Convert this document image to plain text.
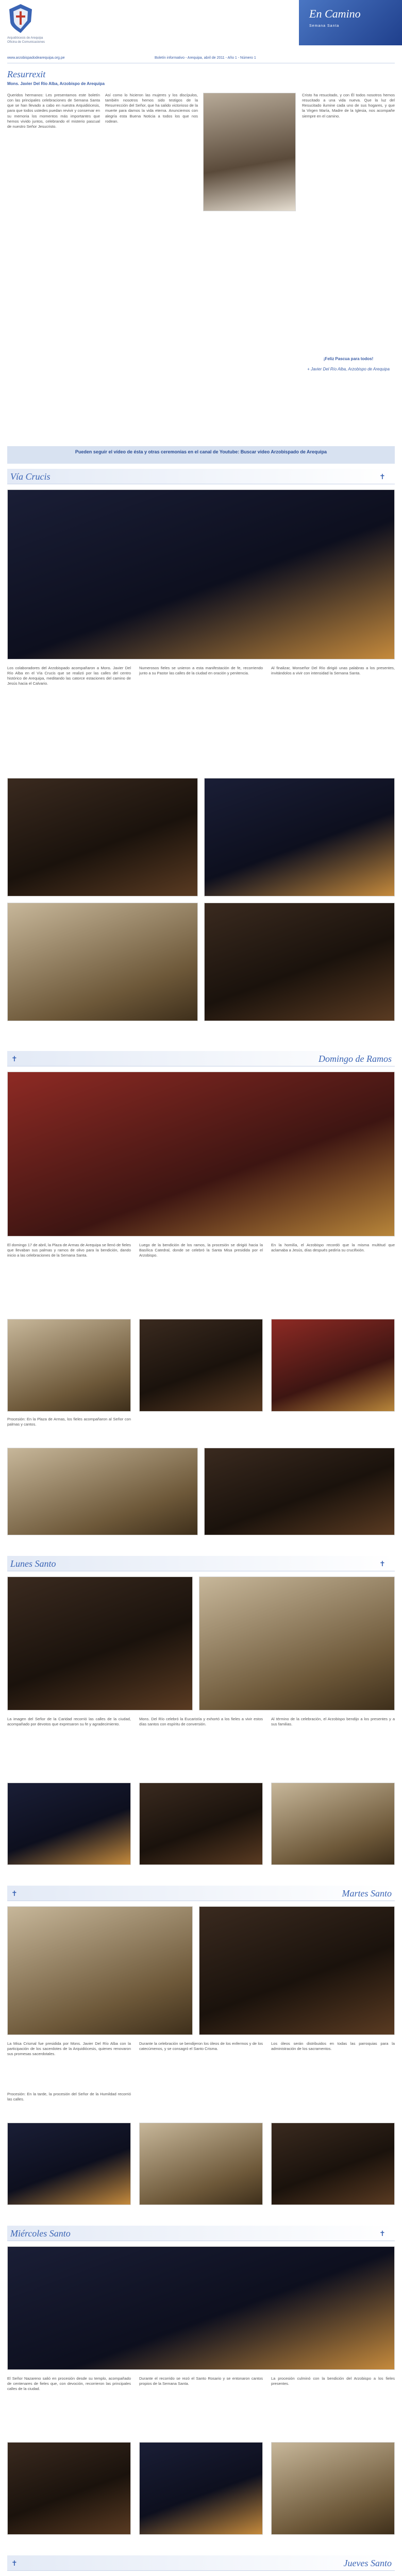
Arquidiócesis de Arequipa
Oficina de Comunicaciones
En Camino
Semana Santa
www.arzobispadodearequipa.org.pe	Boletín informativo - Arequipa, abril de 2011 - Año 1 - Número 1
Resurrexit
Mons. Javier Del Río Alba, Arzobispo de Arequipa
Queridos hermanos: Les presentamos este boletín con las principales celebraciones de Semana Santa que se han llevado a cabo en nuestra Arquidiócesis, para que todos ustedes puedan revivir y conservar en su memoria los momentos más importantes que hemos vivido juntos, celebrando el misterio pascual de nuestro Señor Jesucristo.
Así como lo hicieron las mujeres y los discípulos, también nosotros hemos sido testigos de la Resurrección del Señor, que ha salido victorioso de la muerte para darnos la vida eterna. Anunciemos con alegría esta Buena Noticia a todos los que nos rodean.
Cristo ha resucitado, y con Él todos nosotros hemos resucitado a una vida nueva. Que la luz del Resucitado ilumine cada uno de sus hogares, y que la Virgen María, Madre de la Iglesia, nos acompañe siempre en el camino.
¡Feliz Pascua para todos!
+ Javier Del Río Alba, Arzobispo de Arequipa
Pueden seguir el vídeo de ésta y otras ceremonias en el canal de Youtube: Buscar video Arzobispado de Arequipa
Vía Crucis	✝
Los colaboradores del Arzobispado acompañaron a Mons. Javier Del Río Alba en el Vía Crucis que se realizó por las calles del centro histórico de Arequipa, meditando las catorce estaciones del camino de Jesús hacia el Calvario.
Numerosos fieles se unieron a esta manifestación de fe, recorriendo junto a su Pastor las calles de la ciudad en oración y penitencia.
Al finalizar, Monseñor Del Río dirigió unas palabras a los presentes, invitándolos a vivir con intensidad la Semana Santa.
Domingo de Ramos
✝
El domingo 17 de abril, la Plaza de Armas de Arequipa se llenó de fieles que llevaban sus palmas y ramos de olivo para la bendición, dando inicio a las celebraciones de la Semana Santa.
Luego de la bendición de los ramos, la procesión se dirigió hacia la Basílica Catedral, donde se celebró la Santa Misa presidida por el Arzobispo.
En la homilía, el Arzobispo recordó que la misma multitud que aclamaba a Jesús, días después pediría su crucifixión.
Procesión: En la Plaza de Armas, los fieles acompañaron al Señor con palmas y cantos.
Lunes Santo	✝
La imagen del Señor de la Caridad recorrió las calles de la ciudad, acompañado por devotos que expresaron su fe y agradecimiento.
Mons. Del Río celebró la Eucaristía y exhortó a los fieles a vivir estos días santos con espíritu de conversión.
Al término de la celebración, el Arzobispo bendijo a los presentes y a sus familias.
Martes Santo
✝
La Misa Crismal fue presidida por Mons. Javier Del Río Alba con la participación de los sacerdotes de la Arquidiócesis, quienes renovaron sus promesas sacerdotales.
Durante la celebración se bendijeron los óleos de los enfermos y de los catecúmenos, y se consagró el Santo Crisma.
Los óleos serán distribuidos en todas las parroquias para la administración de los sacramentos.
Procesión: En la tarde, la procesión del Señor de la Humildad recorrió las calles.
Miércoles Santo	✝
El Señor Nazareno salió en procesión desde su templo, acompañado de centenares de fieles que, con devoción, recorrieron las principales calles de la ciudad.
Durante el recorrido se rezó el Santo Rosario y se entonaron cantos propios de la Semana Santa.
La procesión culminó con la bendición del Arzobispo a los fieles presentes.
Jueves Santo
✝
